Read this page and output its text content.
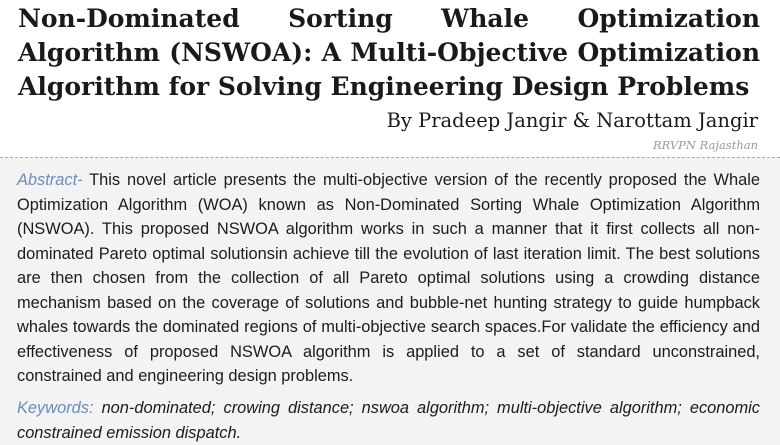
Non-Dominated Sorting Whale Optimization Algorithm (NSWOA): A Multi-Objective Optimization Algorithm for Solving Engineering Design Problems
By Pradeep Jangir & Narottam Jangir
RRVPN Rajasthan

Abstract- This novel article presents the multi-objective version of the recently proposed the Whale Optimization Algorithm (WOA) known as Non-Dominated Sorting Whale Optimization Algorithm (NSWOA). This proposed NSWOA algorithm works in such a manner that it first collects all non-dominated Pareto optimal solutionsin achieve till the evolution of last iteration limit. The best solutions are then chosen from the collection of all Pareto optimal solutions using a crowding distance mechanism based on the coverage of solutions and bubble-net hunting strategy to guide humpback whales towards the dominated regions of multi-objective search spaces.For validate the efficiency and effectiveness of proposed NSWOA algorithm is applied to a set of standard unconstrained, constrained and engineering design problems.

Keywords: non-dominated; crowing distance; nswoa algorithm; multi-objective algorithm; economic constrained emission dispatch.
